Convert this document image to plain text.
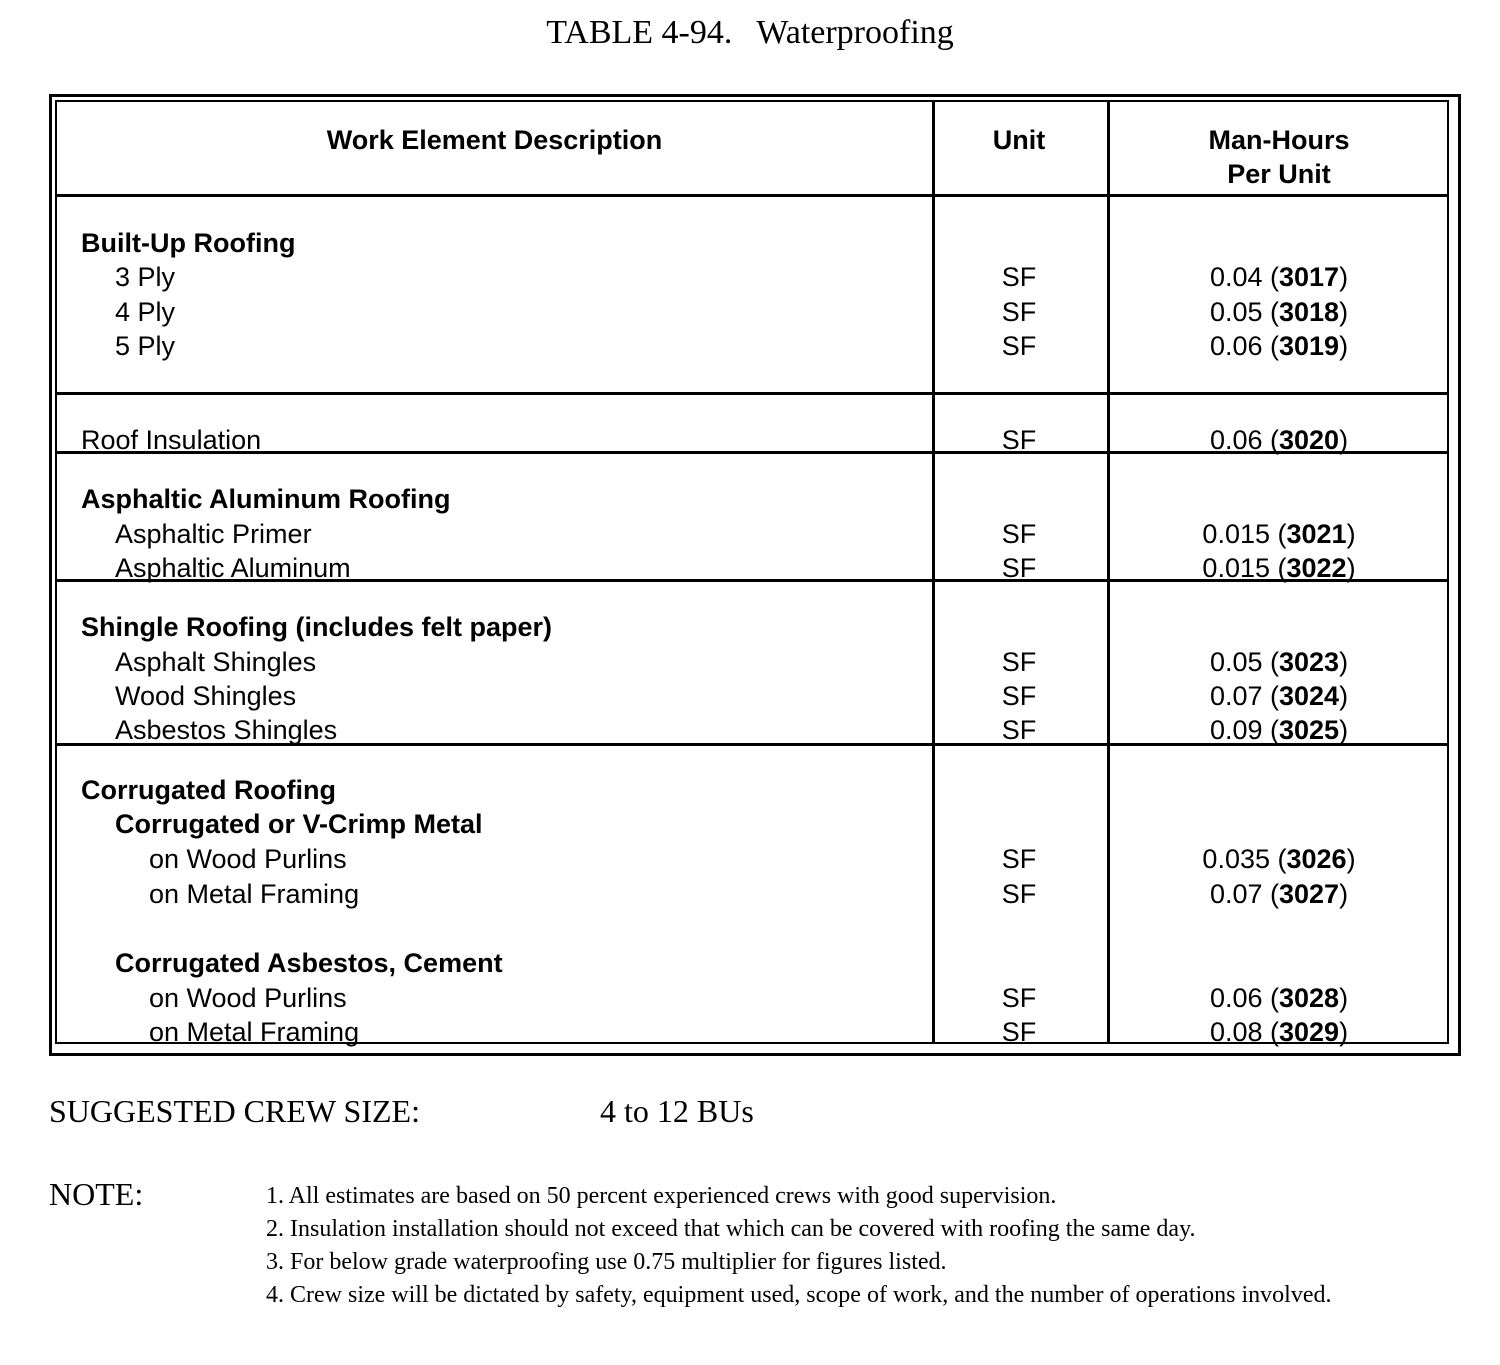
TABLE 4-94. Waterproofing
Work Element Description	Unit	Man-Hours
Per Unit
Built-Up Roofing
3 Ply	SF	0.04 (3017)
4 Ply	SF	0.05 (3018)
5 Ply	SF	0.06 (3019)
Roof Insulation	SF	0.06 (3020)
Asphaltic Aluminum Roofing
Asphaltic Primer	SF	0.015 (3021)
Asphaltic Aluminum	SF	0.015 (3022)
Shingle Roofing (includes felt paper)
Asphalt Shingles	SF	0.05 (3023)
Wood Shingles	SF	0.07 (3024)
Asbestos Shingles	SF	0.09 (3025)
Corrugated Roofing
Corrugated or V-Crimp Metal
on Wood Purlins	SF	0.035 (3026)
on Metal Framing	SF	0.07 (3027)
Corrugated Asbestos, Cement
on Wood Purlins	SF	0.06 (3028)
on Metal Framing	SF	0.08 (3029)
SUGGESTED CREW SIZE:	4 to 12 BUs
NOTE:	1. All estimates are based on 50 percent experienced crews with good supervision.
2. Insulation installation should not exceed that which can be covered with roofing the same day.
3. For below grade waterproofing use 0.75 multiplier for figures listed.
4. Crew size will be dictated by safety, equipment used, scope of work, and the number of operations involved.
